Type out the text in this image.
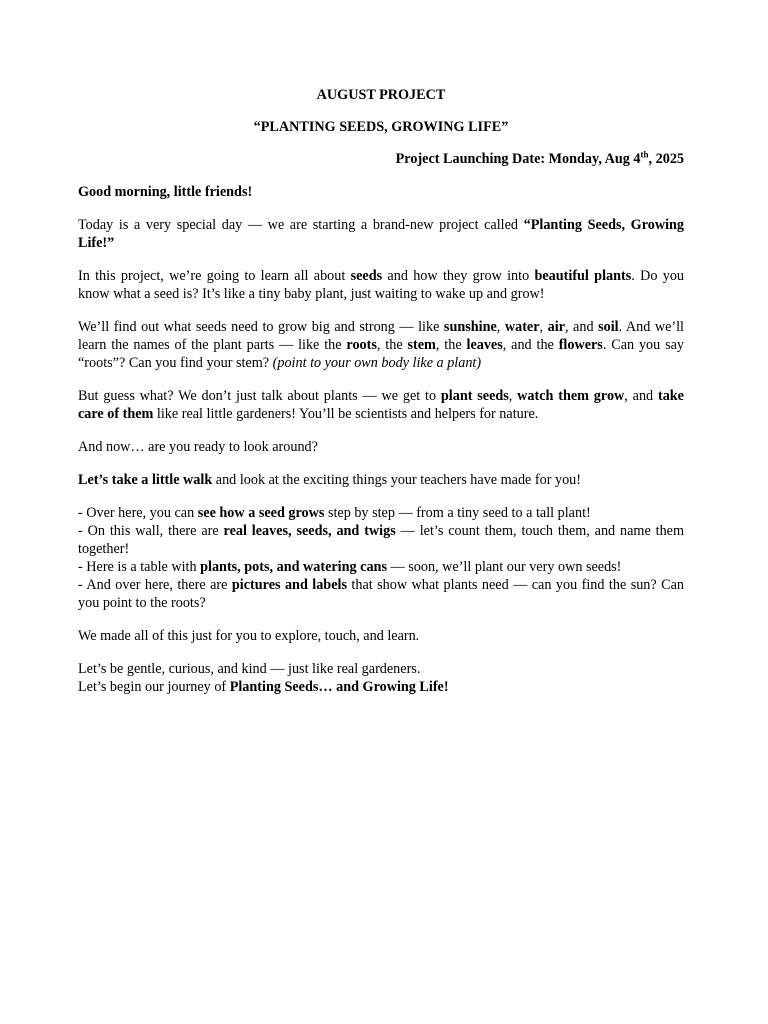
AUGUST PROJECT

“PLANTING SEEDS, GROWING LIFE”

Project Launching Date: Monday, Aug 4th, 2025

Good morning, little friends!

Today is a very special day — we are starting a brand-new project called “Planting Seeds, Growing Life!”

In this project, we’re going to learn all about seeds and how they grow into beautiful plants. Do you know what a seed is? It’s like a tiny baby plant, just waiting to wake up and grow!

We’ll find out what seeds need to grow big and strong — like sunshine, water, air, and soil. And we’ll learn the names of the plant parts — like the roots, the stem, the leaves, and the flowers. Can you say “roots”? Can you find your stem? (point to your own body like a plant)

But guess what? We don’t just talk about plants — we get to plant seeds, watch them grow, and take care of them like real little gardeners! You’ll be scientists and helpers for nature.

And now… are you ready to look around?

Let’s take a little walk and look at the exciting things your teachers have made for you!

- Over here, you can see how a seed grows step by step — from a tiny seed to a tall plant!

- On this wall, there are real leaves, seeds, and twigs — let’s count them, touch them, and name them together!

- Here is a table with plants, pots, and watering cans — soon, we’ll plant our very own seeds!

- And over here, there are pictures and labels that show what plants need — can you find the sun? Can you point to the roots?

We made all of this just for you to explore, touch, and learn.

Let’s be gentle, curious, and kind — just like real gardeners.

Let’s begin our journey of Planting Seeds… and Growing Life!
